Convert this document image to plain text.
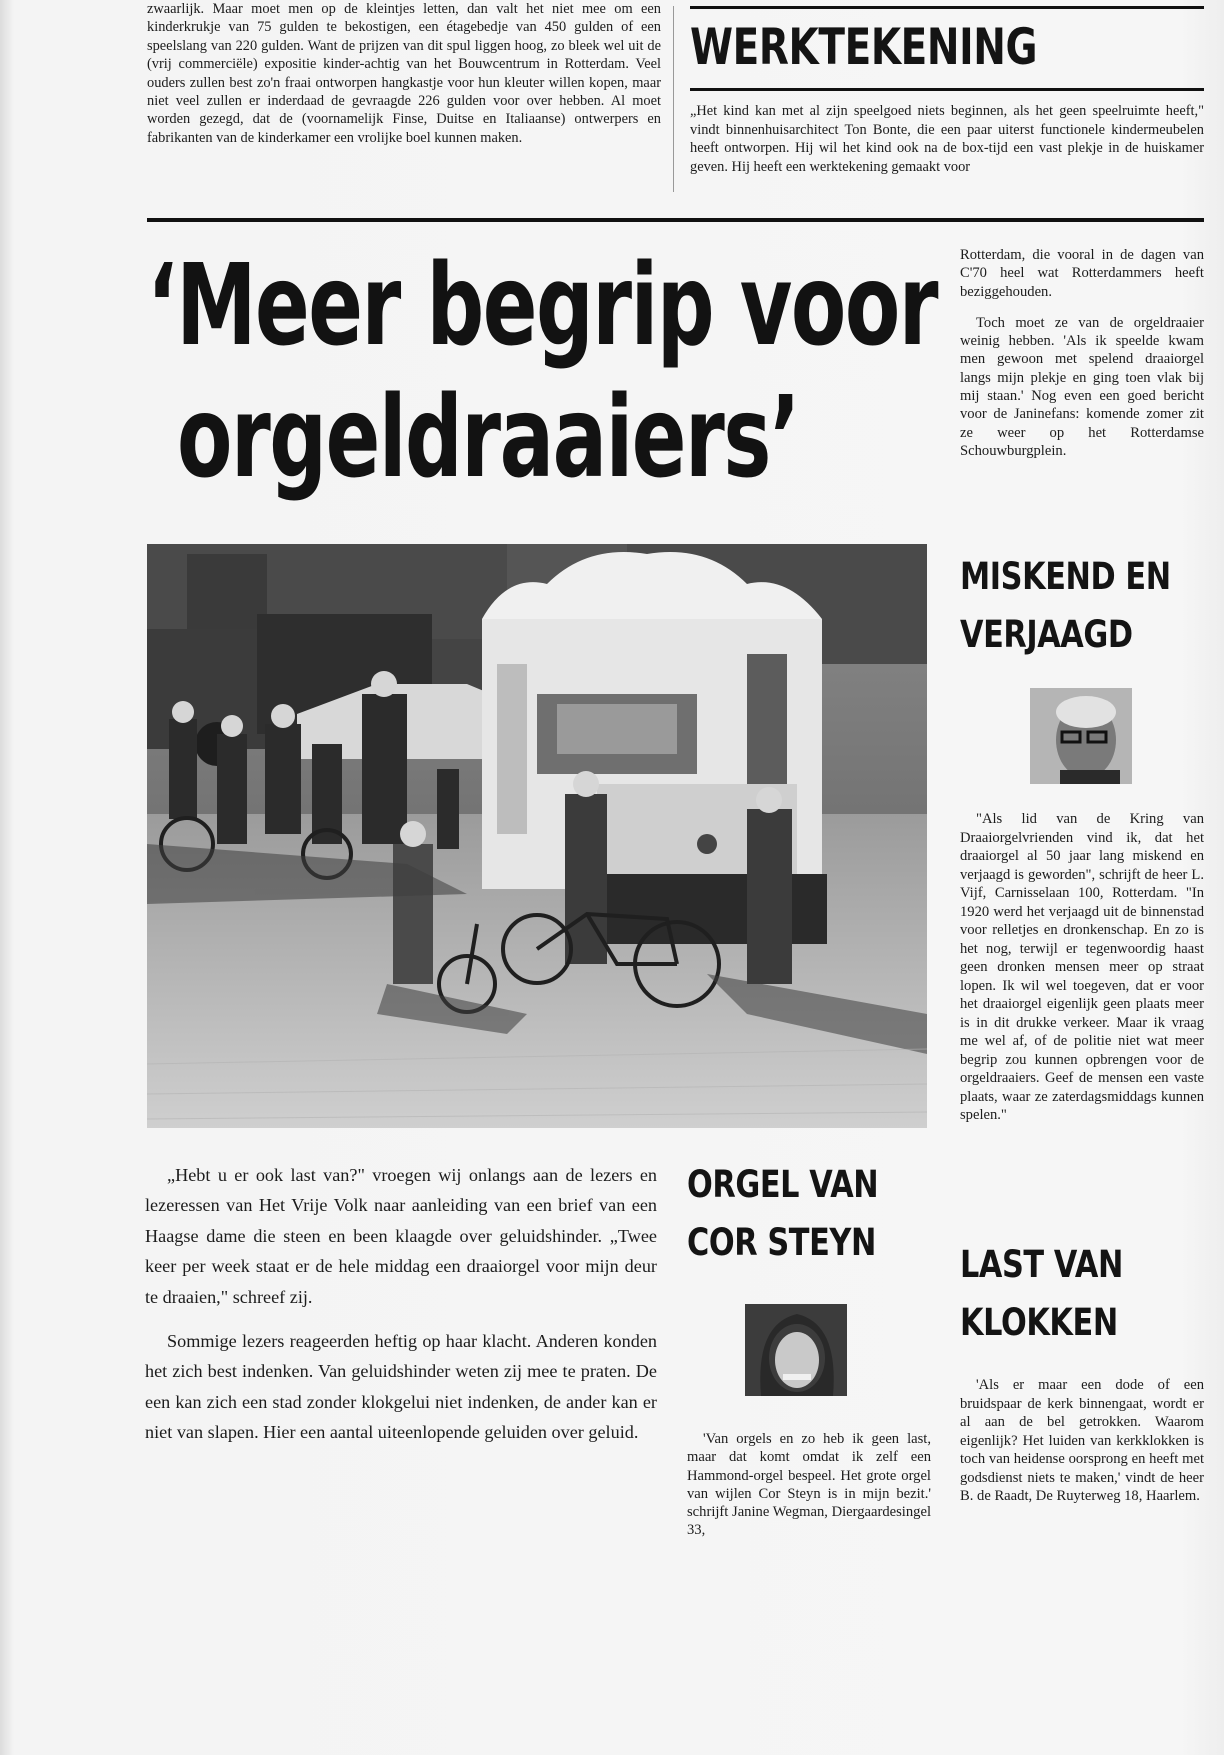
zwaarlijk. Maar moet men op de kleintjes letten, dan valt het niet mee om een kinderkrukje van 75 gulden te bekostigen, een étagebedje van 450 gulden of een speelslang van 220 gulden. Want de prijzen van dit spul liggen hoog, zo bleek wel uit de (vrij commerciële) expositie kinder-achtig van het Bouwcentrum in Rotterdam. Veel ouders zullen best zo'n fraai ontworpen hangkastje voor hun kleuter willen kopen, maar niet veel zullen er inderdaad de gevraagde 226 gulden voor over hebben. Al moet worden gezegd, dat de (voornamelijk Finse, Duitse en Italiaanse) ontwerpers en fabrikanten van de kinderkamer een vrolijke boel kunnen maken.

WERKTEKENING

„Het kind kan met al zijn speelgoed niets beginnen, als het geen speelruimte heeft," vindt binnenhuisarchitect Ton Bonte, die een paar uiterst functionele kindermeubelen heeft ontworpen. Hij wil het kind ook na de box-tijd een vast plekje in de huiskamer geven. Hij heeft een werktekening gemaakt voor

‘Meer begrip voor
orgeldraaiers’

Rotterdam, die vooral in de dagen van C'70 heel wat Rotterdammers heeft beziggehouden.

Toch moet ze van de orgeldraaier weinig hebben. 'Als ik speelde kwam men gewoon met spelend draaiorgel langs mijn plekje en ging toen vlak bij mij staan.' Nog even een goed bericht voor de Janinefans: komende zomer zit ze weer op het Rotterdamse Schouwburgplein.

MISKEND EN
VERJAAGD

"Als lid van de Kring van Draaiorgelvrienden vind ik, dat het draaiorgel al 50 jaar lang miskend en verjaagd is geworden", schrijft de heer L. Vijf, Carnisselaan 100, Rotterdam. "In 1920 werd het verjaagd uit de binnenstad voor relletjes en dronkenschap. En zo is het nog, terwijl er tegenwoordig haast geen dronken mensen meer op straat lopen. Ik wil wel toegeven, dat er voor het draaiorgel eigenlijk geen plaats meer is in dit drukke verkeer. Maar ik vraag me wel af, of de politie niet wat meer begrip zou kunnen opbrengen voor de orgeldraaiers. Geef de mensen een vaste plaats, waar ze zaterdagsmiddags kunnen spelen."

„Hebt u er ook last van?" vroegen wij onlangs aan de lezers en lezeressen van Het Vrije Volk naar aanleiding van een brief van een Haagse dame die steen en been klaagde over geluidshinder. „Twee keer per week staat er de hele middag een draaiorgel voor mijn deur te draaien," schreef zij.

Sommige lezers reageerden heftig op haar klacht. Anderen konden het zich best indenken. Van geluidshinder weten zij mee te praten. De een kan zich een stad zonder klokgelui niet indenken, de ander kan er niet van slapen. Hier een aantal uiteenlopende geluiden over geluid.

ORGEL VAN
COR STEYN

'Van orgels en zo heb ik geen last, maar dat komt omdat ik zelf een Hammond-orgel bespeel. Het grote orgel van wijlen Cor Steyn is in mijn bezit.' schrijft Janine Wegman, Diergaardesingel 33,

LAST VAN
KLOKKEN

'Als er maar een dode of een bruidspaar de kerk binnengaat, wordt er al aan de bel getrokken. Waarom eigenlijk? Het luiden van kerkklokken is toch van heidense oorsprong en heeft met godsdienst niets te maken,' vindt de heer B. de Raadt, De Ruyterweg 18, Haarlem.
